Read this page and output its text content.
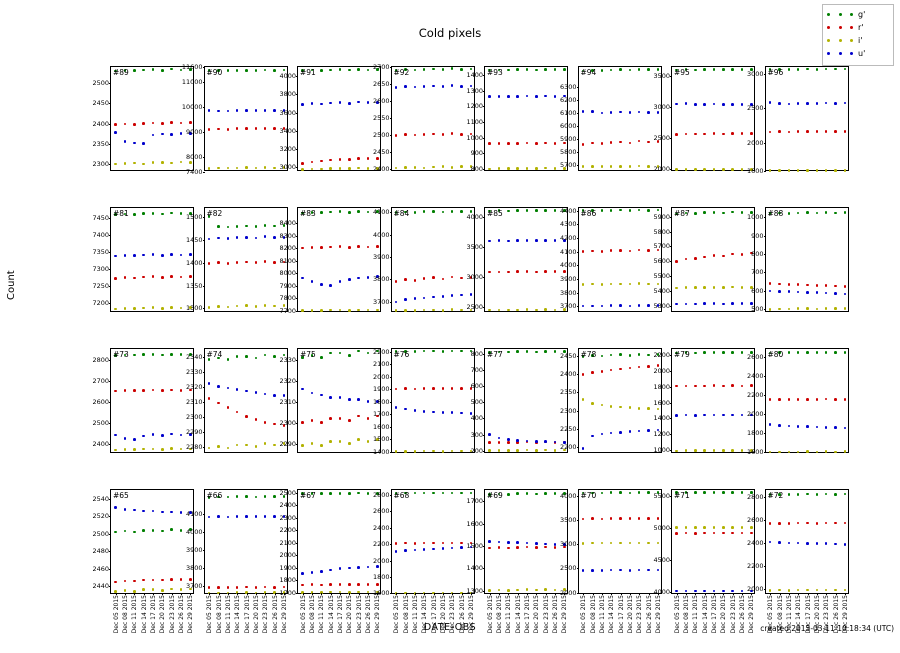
Cold pixels
Count
DATE-OBS	created 2015-03-11 10:18:34 (UTC)
g'
r'
i'
u'
#89
2300
2350
2400
2450
2500
#90
7400
8000
9000
10000
11000
11600
#91
3000
3200
3400
3600
3800
4000	#92
2400
2450
2500
2550
2600
2650
2700
#93
800
900
1000
1100
1200
1300
1400	#94
5700
5800
5900
6000
6100
6200
6300
#95
2000
2500
3000
3500	#96
1600
2000
2500
3000
#81
7200
7250
7300
7350
7400
7450
#82
1300
1350
1400
1450
1500	#83
7700
7800
7900
8000
8100
8200
8300
8400
#84
3700
3800
3900
4000
4100	#85
2500
3000
3500
4000	#86
3700
3800
3900
4000
4100
4200
4300
4400	#87
5300
5400
5500
5600
5700
5800
5900	#88
500
600
700
800
900
1000
#73
2400
2500
2600
2700
2800
#74
2280
2290
2300
2310
2320
2330
2340	#75
2290
2300
2310
2320
2330
#76
1400
1500
1600
1700
1800
1900
2000
2100
2200	#77
200
300
400
500
600
700
800	#78
2200
2250
2300
2350
2400
2450	#79
1000
1200
1400
1600
1800
2000
2200	#80
1600
1800
2000
2200
2400
2600
#65
2440
2460
2480
2500
2520
2540
Dec 05 2015 Dec 08 2015 Dec 11 2015 Dec 14 2015 Dec 17 2015 Dec 20 2015 Dec 23 2015 Dec 26 2015 Dec 29 2015
#66
3700
3800
3900
4000
4100
Dec 05 2015 Dec 08 2015 Dec 11 2015 Dec 14 2015 Dec 17 2015 Dec 20 2015 Dec 23 2015 Dec 26 2015 Dec 29 2015
#67
1700
1800
1900
2000
2100
2200
2300
2400
2500
Dec 05 2015 Dec 08 2015 Dec 11 2015 Dec 14 2015 Dec 17 2015 Dec 20 2015 Dec 23 2015 Dec 26 2015 Dec 29 2015
#68
1600
1800
2000
2200
2400
2600
2800
Dec 05 2015 Dec 08 2015 Dec 11 2015 Dec 14 2015 Dec 17 2015 Dec 20 2015 Dec 23 2015 Dec 26 2015 Dec 29 2015
#69
1300
1400
1500
1600
1700
Dec 05 2015 Dec 08 2015 Dec 11 2015 Dec 14 2015 Dec 17 2015 Dec 20 2015 Dec 23 2015 Dec 26 2015 Dec 29 2015
#70
2000
2500
3000
3500
4000
Dec 05 2015 Dec 08 2015 Dec 11 2015 Dec 14 2015 Dec 17 2015 Dec 20 2015 Dec 23 2015 Dec 26 2015 Dec 29 2015
#71
4000
4500
5000
5500
Dec 05 2015 Dec 08 2015 Dec 11 2015 Dec 14 2015 Dec 17 2015 Dec 20 2015 Dec 23 2015 Dec 26 2015 Dec 29 2015
#72
2000
2200
2400
2600
2800
Dec 05 2015 Dec 08 2015 Dec 11 2015 Dec 14 2015 Dec 17 2015 Dec 20 2015 Dec 23 2015 Dec 26 2015 Dec 29 2015
